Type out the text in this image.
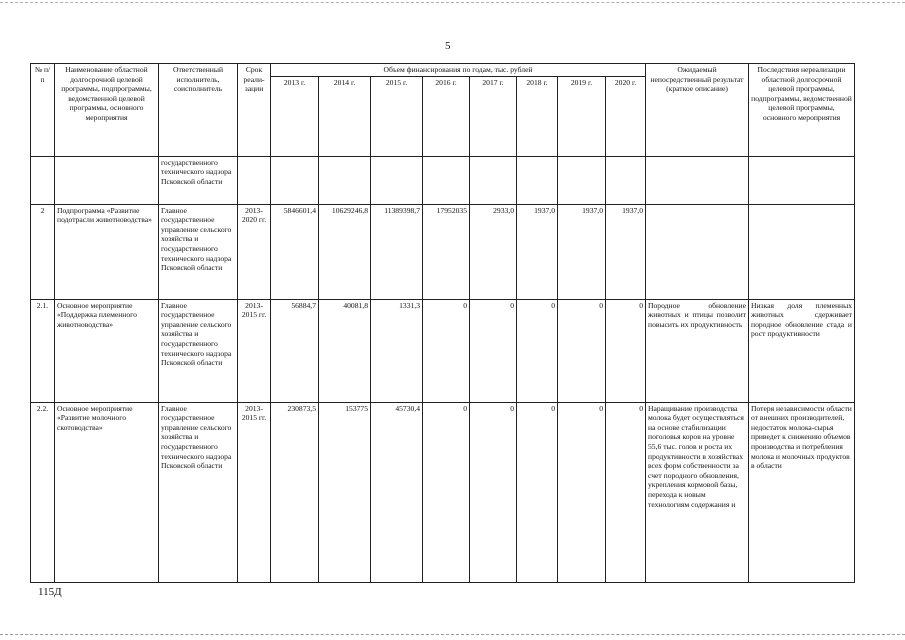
5
№ п/п	Наименование областной долгосрочной целевой программы, подпрограммы, ведомственной целевой программы, основного мероприятия	Ответственный исполнитель, соисполнитель	Срок реали-зации	Объем финансирования по годам, тыс. рублей								Ожидаемый непосредственный результат (краткое описание)	Последствия нереализации областной долгосрочной целевой программы, подпрограммы, ведомственной целевой программы, основного мероприятия
				2013 г.	2014 г.	2015 г.	2016 г.	2017 г.	2018 г.	2019 г.	2020 г.		
		государственного технического надзора Псковской области											
2	Подпрограмма «Развитие подотрасли животноводства»	Главное государственное управление сельского хозяйства и государственного технического надзора Псковской области	2013-2020 гг.	5846601,4	10629246,8	11389398,7	17952035	2933,0	1937,0	1937,0	1937,0		
2.1.	Основное мероприятие «Поддержка племенного животноводства»	Главное государственное управление сельского хозяйства и государственного технического надзора Псковской области	2013-2015 гг.	56884,7	40081,8	1331,3	0	0	0	0	0	Породное обновление животных и птицы позволит повысить их продуктивность	Низкая доля племенных животных сдерживает породное обновление стада и рост продуктивности
2.2.	Основное мероприятие «Развитие молочного скотоводства»	Главное государственное управление сельского хозяйства и государственного технического надзора Псковской области	2013-2015 гг.	230873,5	153775	45730,4	0	0	0	0	0	Наращивание производства молока будет осуществляться на основе стабилизации поголовья коров на уровне 55,6 тыс. голов и роста их продуктивности в хозяйствах всех форм собственности за счет породного обновления, укрепления кормовой базы, перехода к новым технологиям содержания и	Потеря независимости области от внешних производителей, недостаток молока-сырья приведет к снижению объемов производства и потребления молока и молочных продуктов в области
115Д
